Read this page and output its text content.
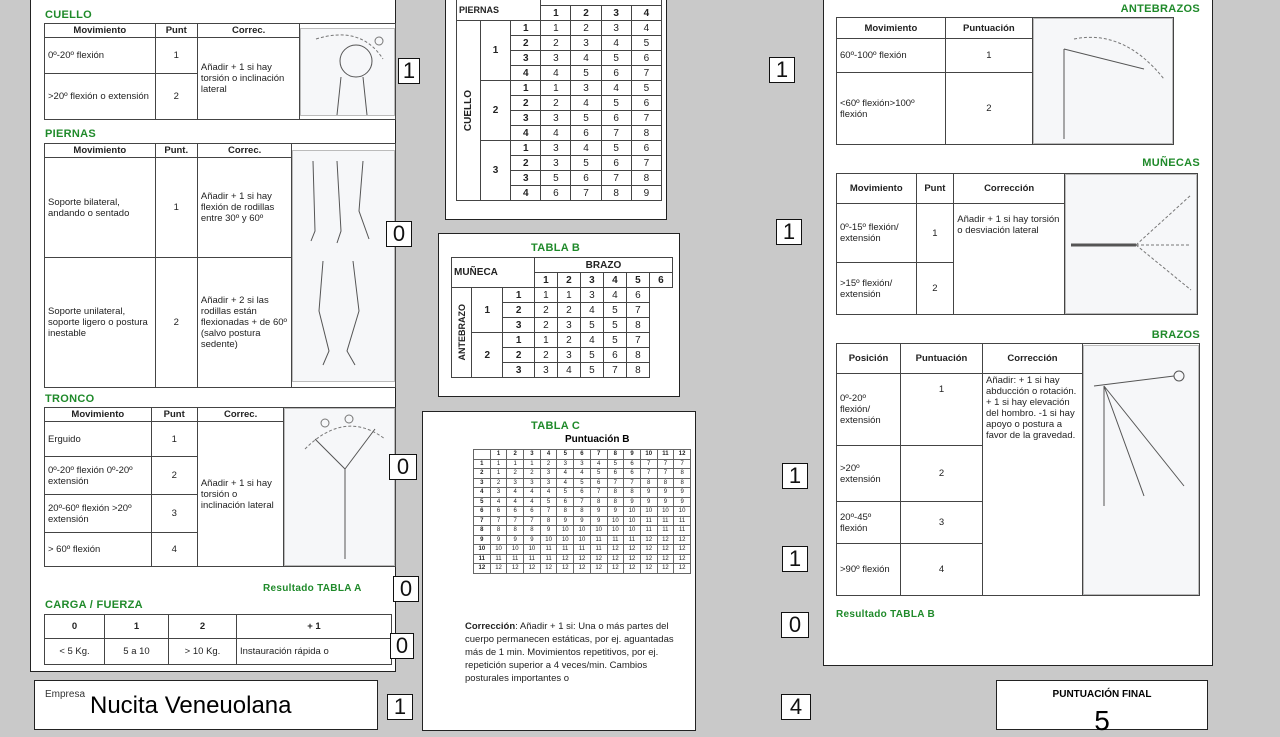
CUELLO
Movimiento	Punt	Correc.	

0º-20º flexión	1	Añadir + 1 si hay torsión o inclinación lateral	
>20º flexión o extensión	2		
PIERNAS
Movimiento	Punt.	Correc.	

Soporte bilateral, andando o sentado	1	Añadir + 1 si hay flexión de rodillas entre 30º y 60º	
Soporte unilateral, soporte ligero o postura inestable	2	Añadir + 2 si las rodillas están flexionadas + de 60º (salvo postura sedente)	
TRONCO
Movimiento	Punt	Correc.	

Erguido	1	Añadir + 1 si hay torsión o inclinación lateral	
0º-20º flexión 0º-20º extensión	2		
20º-60º flexión >20º extensión	3		
> 60º flexión	4		
Resultado TABLA A
CARGA / FUERZA
0	1	2	+ 1
< 5 Kg.	5 a 10	> 10 Kg.	Instauración rápida o
Empresa Nucita Veneuolana
1
0
0
0
0
1
PIERNAS						
			1	2	3	4

CUELLO	1	1	1	2	3	4
		2	2	3	4	5
		3	3	4	5	6
		4	4	5	6	7
	2	1	1	3	4	5
		2	2	4	5	6
		3	3	5	6	7
		4	4	6	7	8
	3	1	3	4	5	6
		2	3	5	6	7
		3	5	6	7	8
		4	6	7	8	9
TABLA B
MUÑECA			BRAZO					
			1	2	3	4	5	6

ANTEBRAZO	1	1	1	1	3	4	6	
		2	2	2	4	5	7	
		3	2	3	5	5	8	
	2	1	1	2	4	5	7	
		2	2	3	5	6	8	
		3	3	4	5	7	8	
TABLA C
Puntuación B
	1	2	3	4	5	6	7	8	9	10	11	12
1	1	1	1	2	3	3	4	5	6	7	7	7
2	1	2	2	3	4	4	5	6	6	7	7	8
3	2	3	3	3	4	5	6	7	7	8	8	8
4	3	4	4	4	5	6	7	8	8	9	9	9
5	4	4	4	5	6	7	8	8	9	9	9	9
6	6	6	6	7	8	8	9	9	10	10	10	10
7	7	7	7	8	9	9	9	10	10	11	11	11
8	8	8	8	9	10	10	10	10	10	11	11	11
9	9	9	9	10	10	10	11	11	11	12	12	12
10	10	10	10	11	11	11	11	12	12	12	12	12
11	11	11	11	11	12	12	12	12	12	12	12	12
12	12	12	12	12	12	12	12	12	12	12	12	12
Corrección: Añadir + 1 si: Una o más partes del cuerpo permanecen estáticas, por ej. aguantadas más de 1 min. Movimientos repetitivos, por ej. repetición superior a 4 veces/min. Cambios posturales importantes o
1
1
1
1
0
4
ANTEBRAZOS
Movimiento	Puntuación	

60º-100º flexión	1	
<60º flexión>100º flexión	2	
MUÑECAS
Movimiento	Punt	Corrección	

0º-15º flexión/ extensión	1	Añadir + 1 si hay torsión o desviación lateral	
>15º flexión/ extensión	2		
BRAZOS
Posición	Puntuación	Corrección	

0º-20º flexión/ extensión	1	Añadir: + 1 si hay abducción o rotación. + 1 si hay elevación del hombro. -1 si hay apoyo o postura a favor de la gravedad.	
>20º extensión	2		
20º-45º flexión	3		
>90º flexión	4		
Resultado TABLA B
PUNTUACIÓN FINAL
5
